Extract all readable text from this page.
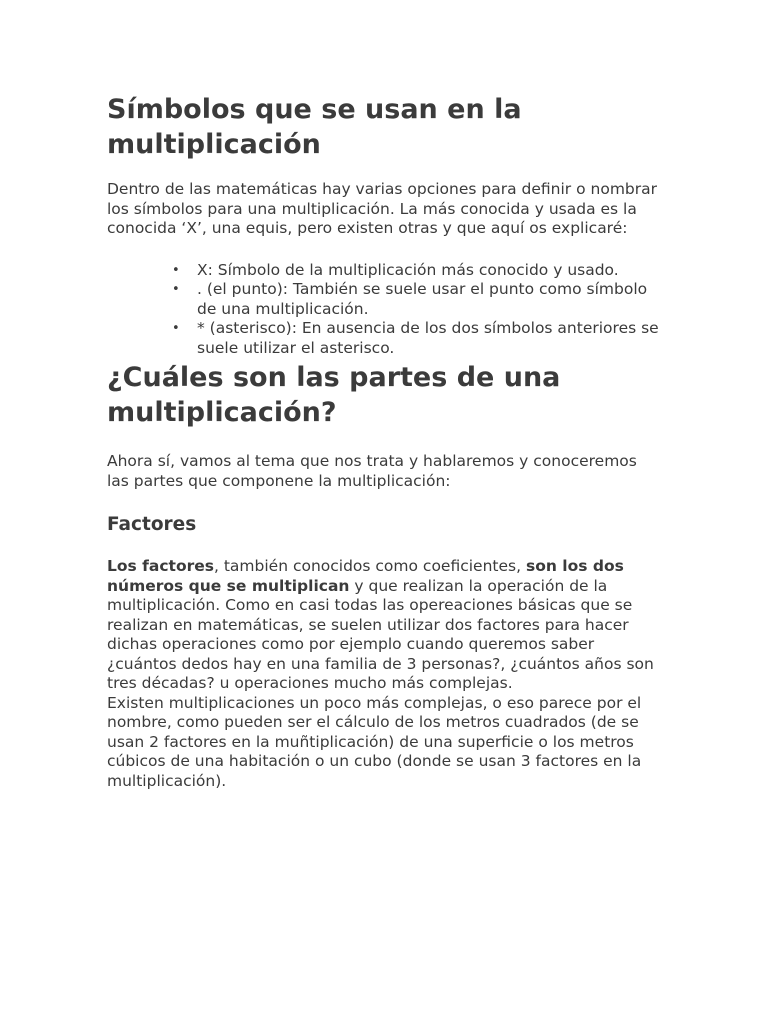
Símbolos que se usan en la multiplicación

Dentro de las matemáticas hay varias opciones para definir o nombrar los símbolos para una multiplicación. La más conocida y usada es la conocida ‘X’, una equis, pero existen otras y que aquí os explicaré:

• X: Símbolo de la multiplicación más conocido y usado.
• . (el punto): También se suele usar el punto como símbolo de una multiplicación.
• * (asterisco): En ausencia de los dos símbolos anteriores se suele utilizar el asterisco.
¿Cuáles son las partes de una multiplicación?

Ahora sí, vamos al tema que nos trata y hablaremos y conoceremos las partes que componene la multiplicación:

Factores

Los factores, también conocidos como coeficientes, son los dos números que se multiplican y que realizan la operación de la multiplicación. Como en casi todas las opereaciones básicas que se realizan en matemáticas, se suelen utilizar dos factores para hacer dichas operaciones como por ejemplo cuando queremos saber ¿cuántos dedos hay en una familia de 3 personas?, ¿cuántos años son tres décadas? u operaciones mucho más complejas.

Existen multiplicaciones un poco más complejas, o eso parece por el nombre, como pueden ser el cálculo de los metros cuadrados (de se usan 2 factores en la muñtiplicación) de una superficie o los metros cúbicos de una habitación o un cubo (donde se usan 3 factores en la multiplicación).
